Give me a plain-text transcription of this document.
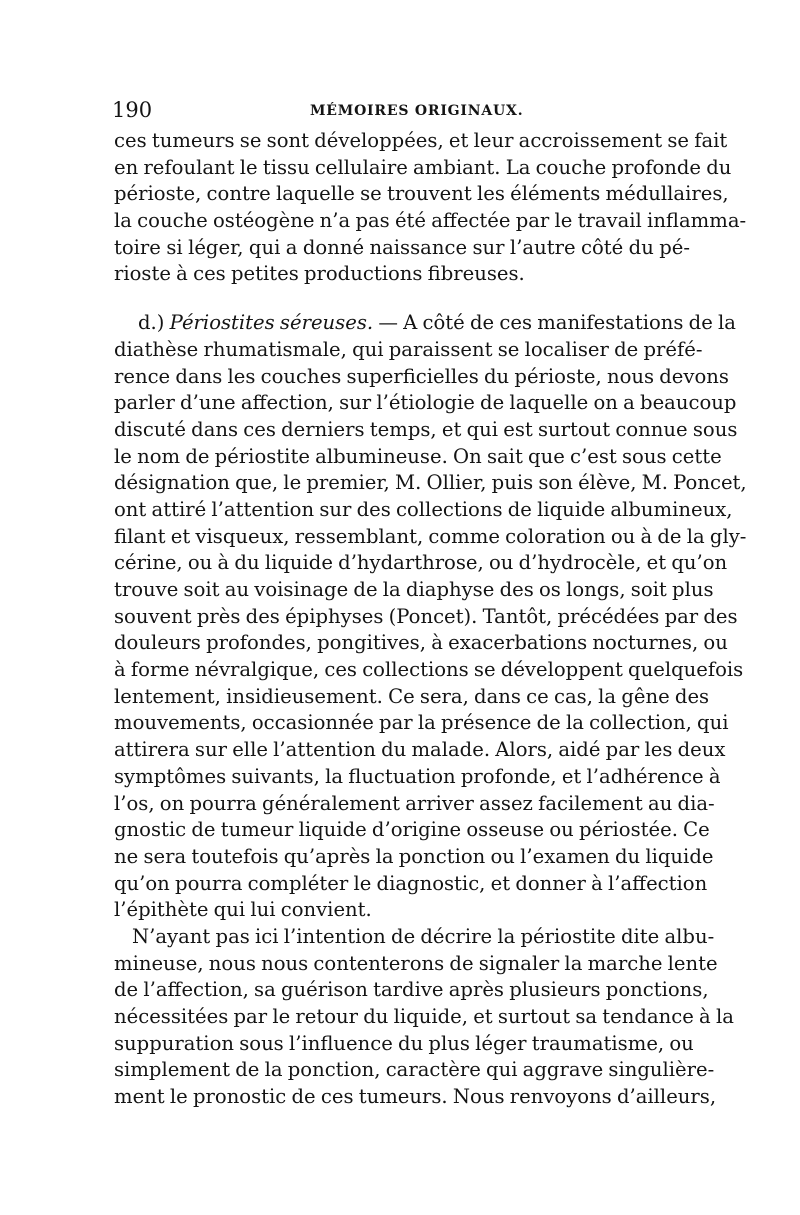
190	MÉMOIRES ORIGINAUX.
ces tumeurs se sont développées, et leur accroissement se fait
en refoulant le tissu cellulaire ambiant. La couche profonde du
périoste, contre laquelle se trouvent les éléments médullaires,
la couche ostéogène n’a pas été affectée par le travail inflamma-
toire si léger, qui a donné naissance sur l’autre côté du pé-
rioste à ces petites productions fibreuses.
d.) Périostites séreuses. — A côté de ces manifestations de la
diathèse rhumatismale, qui paraissent se localiser de préfé-
rence dans les couches superficielles du périoste, nous devons
parler d’une affection, sur l’étiologie de laquelle on a beaucoup
discuté dans ces derniers temps, et qui est surtout connue sous
le nom de périostite albumineuse. On sait que c’est sous cette
désignation que, le premier, M. Ollier, puis son élève, M. Poncet,
ont attiré l’attention sur des collections de liquide albumineux,
filant et visqueux, ressemblant, comme coloration ou à de la gly-
cérine, ou à du liquide d’hydarthrose, ou d’hydrocèle, et qu’on
trouve soit au voisinage de la diaphyse des os longs, soit plus
souvent près des épiphyses (Poncet). Tantôt, précédées par des
douleurs profondes, pongitives, à exacerbations nocturnes, ou
à forme névralgique, ces collections se développent quelquefois
lentement, insidieusement. Ce sera, dans ce cas, la gêne des
mouvements, occasionnée par la présence de la collection, qui
attirera sur elle l’attention du malade. Alors, aidé par les deux
symptômes suivants, la fluctuation profonde, et l’adhérence à
l’os, on pourra généralement arriver assez facilement au dia-
gnostic de tumeur liquide d’origine osseuse ou périostée. Ce
ne sera toutefois qu’après la ponction ou l’examen du liquide
qu’on pourra compléter le diagnostic, et donner à l’affection
l’épithète qui lui convient.
N’ayant pas ici l’intention de décrire la périostite dite albu-
mineuse, nous nous contenterons de signaler la marche lente
de l’affection, sa guérison tardive après plusieurs ponctions,
nécessitées par le retour du liquide, et surtout sa tendance à la
suppuration sous l’influence du plus léger traumatisme, ou
simplement de la ponction, caractère qui aggrave singulière-
ment le pronostic de ces tumeurs. Nous renvoyons d’ailleurs,
